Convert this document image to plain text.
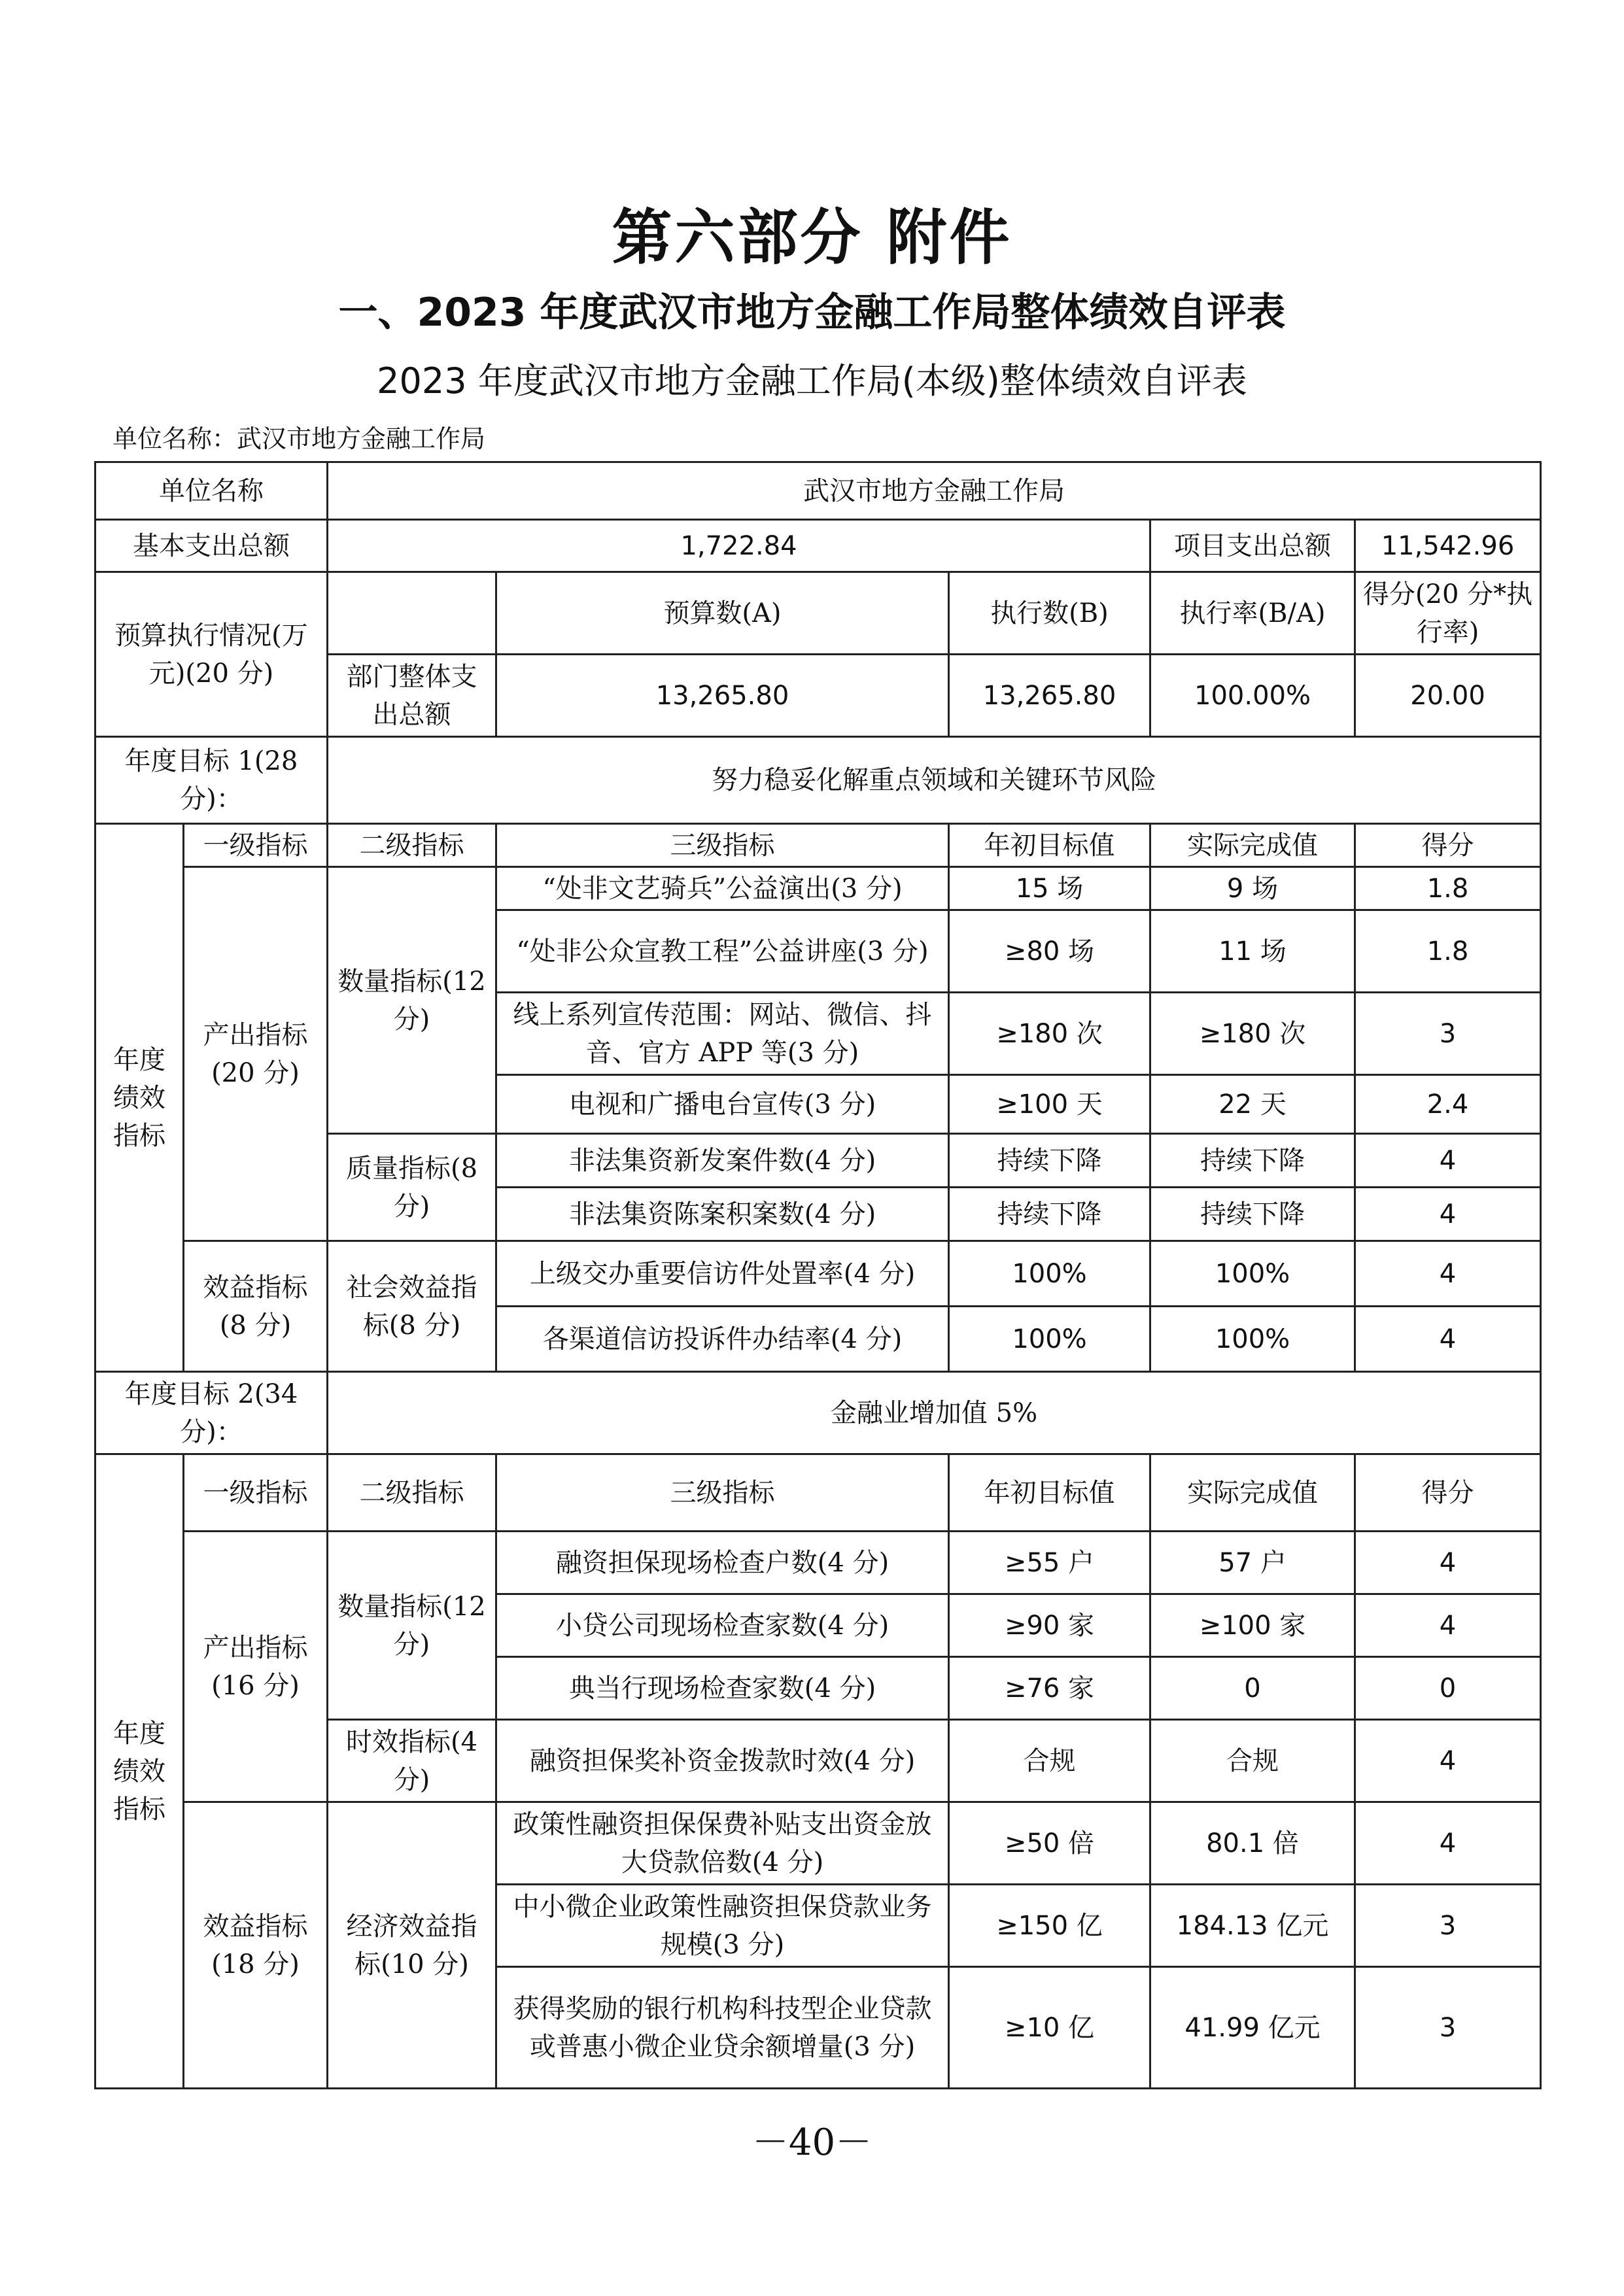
第六部分 附件
一、2023 年度武汉市地方金融工作局整体绩效自评表
2023 年度武汉市地方金融工作局(本级)整体绩效自评表
单位名称：武汉市地方金融工作局
单位名称		武汉市地方金融工作局				
基本支出总额		1,722.84			项目支出总额	11,542.96
预算执行情况(万元)(20 分)			预算数(A)	执行数(B)	执行率(B/A)	得分(20 分*执行率)
		部门整体支出总额	13,265.80	13,265.80	100.00%	20.00
年度目标 1(28 分)：		努力稳妥化解重点领域和关键环节风险				
年度绩效指标	一级指标	二级指标	三级指标	年初目标值	实际完成值	得分
	产出指标(20 分)	数量指标(12 分)	“处非文艺骑兵”公益演出(3 分)	15 场	9 场	1.8
			“处非公众宣教工程”公益讲座(3 分)	≥80 场	11 场	1.8
			线上系列宣传范围：网站、微信、抖音、官方 APP 等(3 分)	≥180 次	≥180 次	3
			电视和广播电台宣传(3 分)	≥100 天	22 天	2.4
		质量指标(8 分)	非法集资新发案件数(4 分)	持续下降	持续下降	4
			非法集资陈案积案数(4 分)	持续下降	持续下降	4
	效益指标(8 分)	社会效益指标(8 分)	上级交办重要信访件处置率(4 分)	100%	100%	4
			各渠道信访投诉件办结率(4 分)	100%	100%	4
年度目标 2(34 分)：		金融业增加值 5%				
年度绩效指标	一级指标	二级指标	三级指标	年初目标值	实际完成值	得分
	产出指标(16 分)	数量指标(12 分)	融资担保现场检查户数(4 分)	≥55 户	57 户	4
			小贷公司现场检查家数(4 分)	≥90 家	≥100 家	4
			典当行现场检查家数(4 分)	≥76 家	0	0
		时效指标(4 分)	融资担保奖补资金拨款时效(4 分)	合规	合规	4
	效益指标(18 分)	经济效益指标(10 分)	政策性融资担保保费补贴支出资金放大贷款倍数(4 分)	≥50 倍	80.1 倍	4
			中小微企业政策性融资担保贷款业务规模(3 分)	≥150 亿	184.13 亿元	3
			获得奖励的银行机构科技型企业贷款或普惠小微企业贷余额增量(3 分)	≥10 亿	41.99 亿元	3
－40－
